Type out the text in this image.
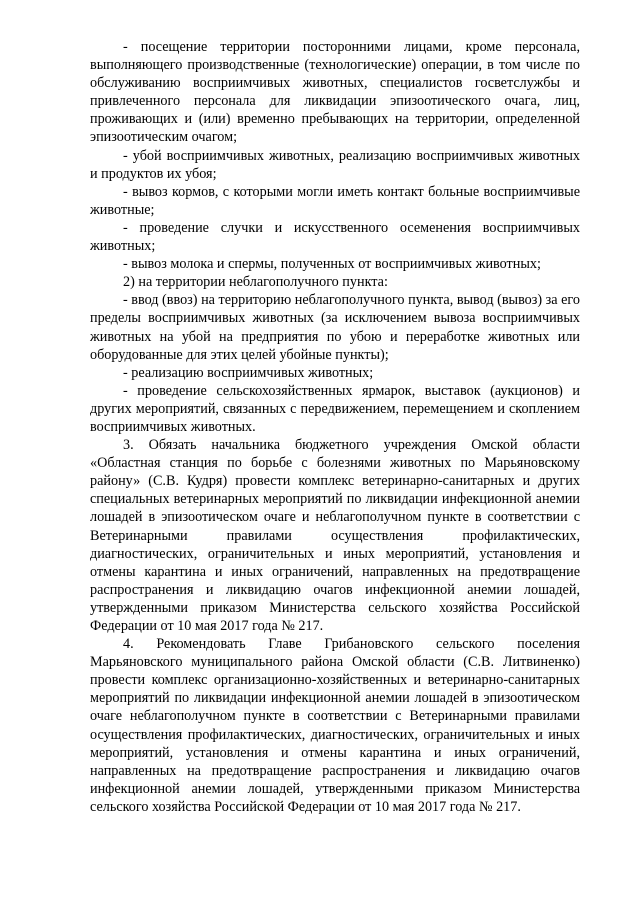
- посещение территории посторонними лицами, кроме персонала, выполняющего производственные (технологические) операции, в том числе по обслуживанию восприимчивых животных, специалистов госветслужбы и привлеченного персонала для ликвидации эпизоотического очага, лиц, проживающих и (или) временно пребывающих на территории, определенной эпизоотическим очагом;

- убой восприимчивых животных, реализацию восприимчивых животных и продуктов их убоя;

- вывоз кормов, с которыми могли иметь контакт больные восприимчивые животные;

- проведение случки и искусственного осеменения восприимчивых животных;

- вывоз молока и спермы, полученных от восприимчивых животных;

2) на территории неблагополучного пункта:

- ввод (ввоз) на территорию неблагополучного пункта, вывод (вывоз) за его пределы восприимчивых животных (за исключением вывоза восприимчивых животных на убой на предприятия по убою и переработке животных или оборудованные для этих целей убойные пункты);

- реализацию восприимчивых животных;

- проведение сельскохозяйственных ярмарок, выставок (аукционов) и других мероприятий, связанных с передвижением, перемещением и скоплением восприимчивых животных.

3. Обязать начальника бюджетного учреждения Омской области «Областная станция по борьбе с болезнями животных по Марьяновскому району» (С.В. Кудря) провести комплекс ветеринарно-санитарных и других специальных ветеринарных мероприятий по ликвидации инфекционной анемии лошадей в эпизоотическом очаге и неблагополучном пункте в соответствии с Ветеринарными правилами осуществления профилактических, диагностических, ограничительных и иных мероприятий, установления и отмены карантина и иных ограничений, направленных на предотвращение распространения и ликвидацию очагов инфекционной анемии лошадей, утвержденными приказом Министерства сельского хозяйства Российской Федерации от 10 мая 2017 года № 217.

4. Рекомендовать Главе Грибановского сельского поселения Марьяновского муниципального района Омской области (С.В. Литвиненко) провести комплекс организационно-хозяйственных и ветеринарно-санитарных мероприятий по ликвидации инфекционной анемии лошадей в эпизоотическом очаге неблагополучном пункте в соответствии с Ветеринарными правилами осуществления профилактических, диагностических, ограничительных и иных мероприятий, установления и отмены карантина и иных ограничений, направленных на предотвращение распространения и ликвидацию очагов инфекционной анемии лошадей, утвержденными приказом Министерства сельского хозяйства Российской Федерации от 10 мая 2017 года № 217.
